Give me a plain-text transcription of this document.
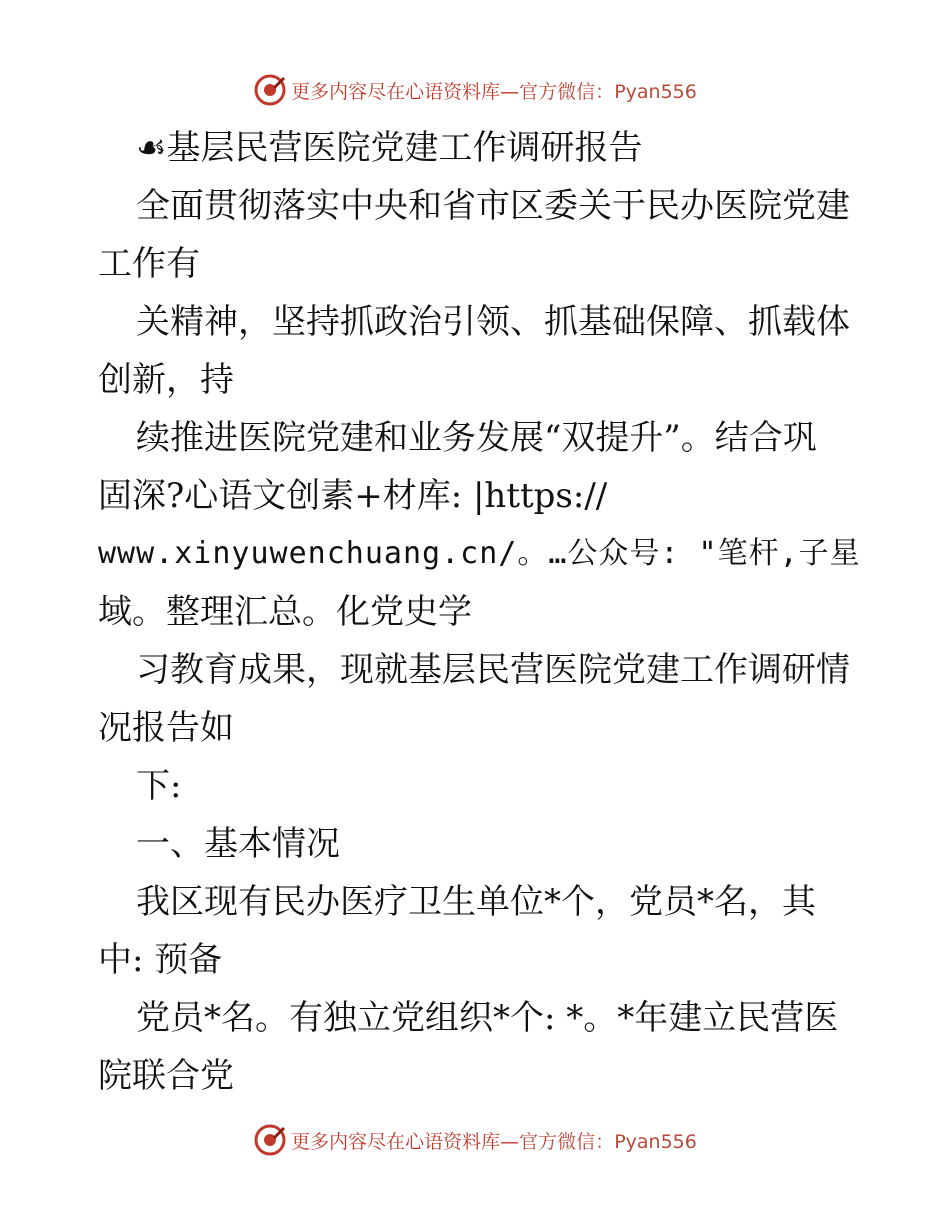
更多内容尽在心语资料库—官方微信：Pyan556
☙基层民营医院党建工作调研报告
全面贯彻落实中央和省市区委关于民办医院党建
工作有
关精神，坚持抓政治引领、抓基础保障、抓载体
创新，持
续推进医院党建和业务发展“双提升”。结合巩
固深?心语文创素+材库: |https://
www.xinyuwenchuang.cn/。…公众号: "笔杆,子星
域。整理汇总。化党史学
习教育成果，现就基层民营医院党建工作调研情
况报告如
下:
一、基本情况
我区现有民办医疗卫生单位*个，党员*名，其
中: 预备
党员*名。有独立党组织*个: *。*年建立民营医
院联合党
更多内容尽在心语资料库—官方微信：Pyan556
